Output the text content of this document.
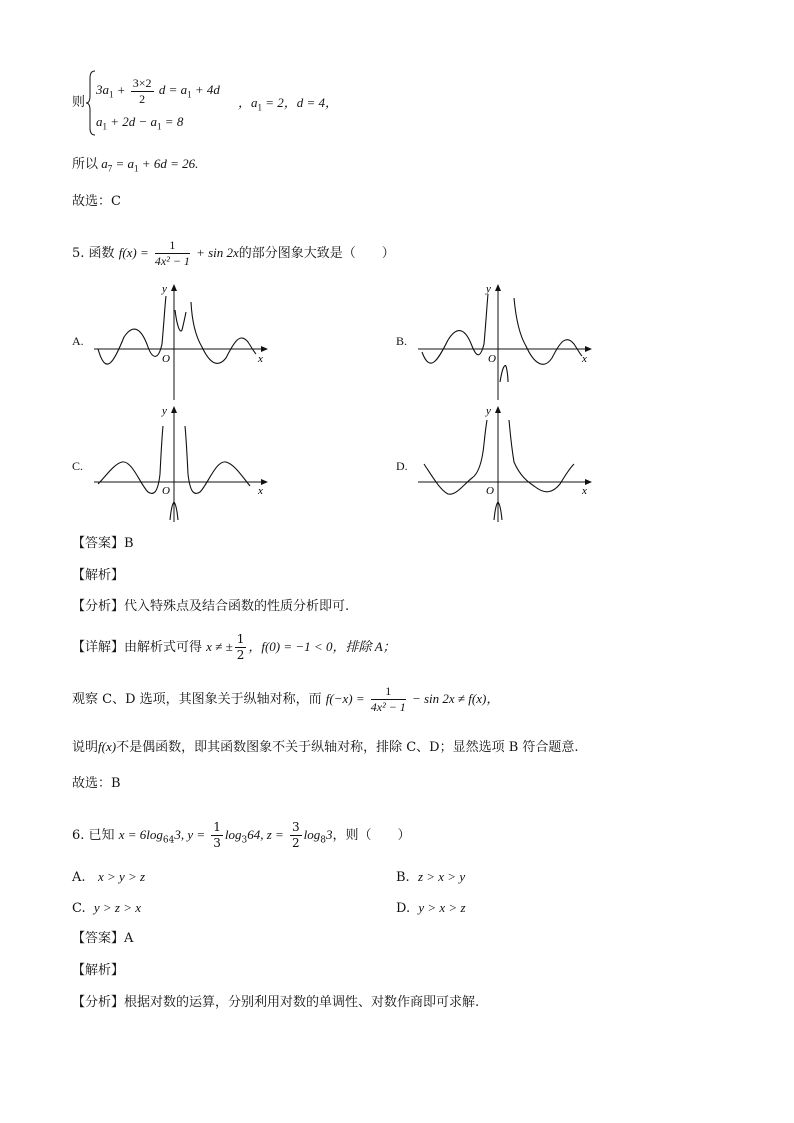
则
$3a_1 + \frac{3\times 2}{2}$ $d = a_1 + 4d$
$a_1 + 2d - a_1 = 8$
，$a_1 = 2$，d = 4，
所以 $a_7 = a_1 + 6d = 26$.
故选：C
5. 函数 $f(x) = \frac{1}{\text{4x² − 1}} + \sin 2x$的部分图象大致是（　　）
A.
y
x
O
B.
y
x
O
C.
y
x
O
D.
y
x
O
【答案】B
【解析】
【分析】代入特殊点及结合函数的性质分析即可.
【详解】由解析式可得 x ≠ ± $\frac{1}{2}$ ，f(0) = −1 < 0，排除 A；
观察 C、D 选项，其图象关于纵轴对称，而 $f(-x) = \frac{1}{\text{4x² − 1}} - \sin 2x \ne f(x)$，
说明f(x)不是偶函数，即其函数图象不关于纵轴对称，排除 C、D；显然选项 B 符合题意.
故选：B
6. 已知 $x = 6\log_{64}3$, $y = \frac{1}{3} \log_364$, $z = \frac{3}{2} \log_83$，则（　　）
A. x > y > z	B. z > x > y
C. y > z > x	D. y > x > z
【答案】A
【解析】
【分析】根据对数的运算，分别利用对数的单调性、对数作商即可求解.
